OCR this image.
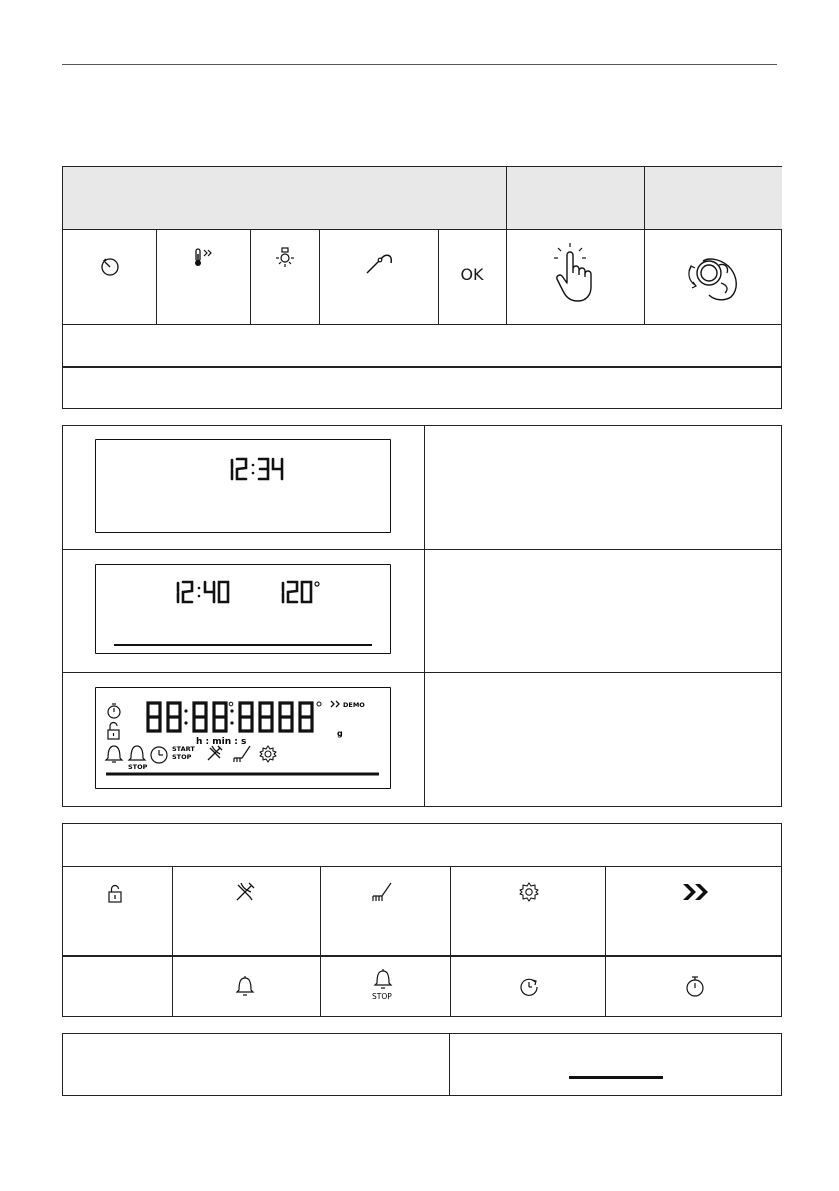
OK
DEMO
g
h : min : s
STOP
START
STOP
STOP
